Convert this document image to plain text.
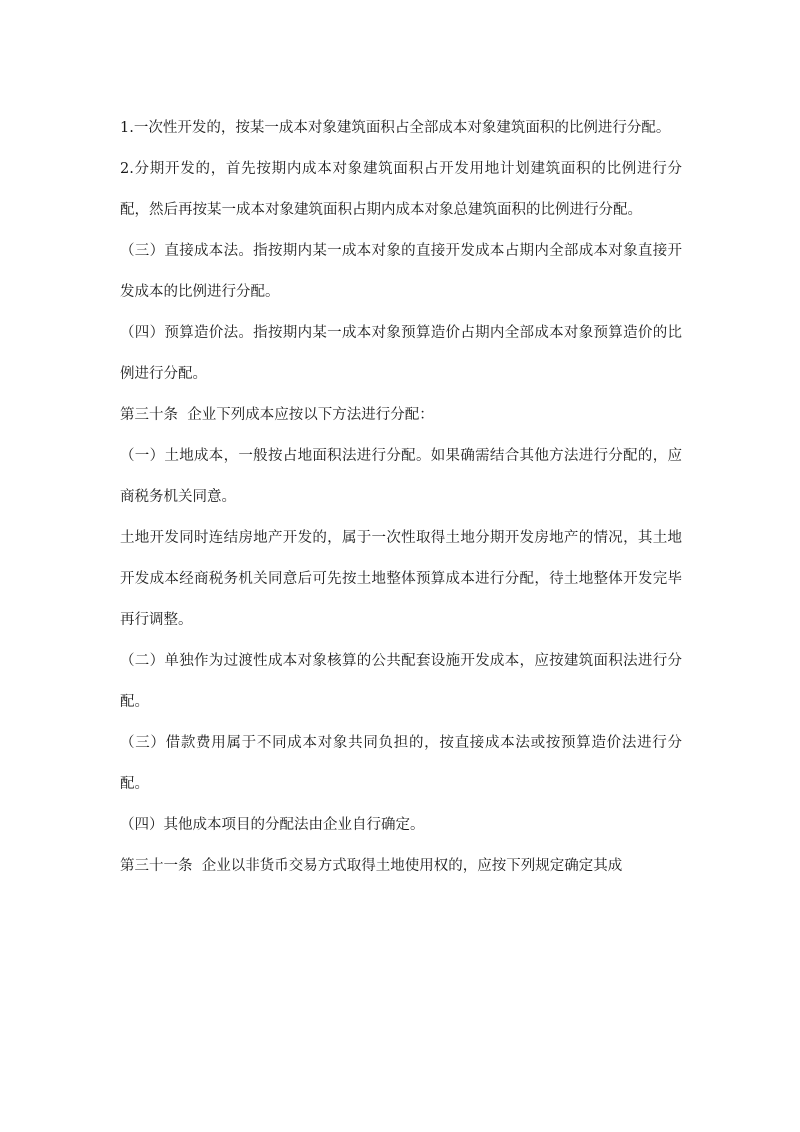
1.一次性开发的，按某一成本对象建筑面积占全部成本对象建筑面积的比例进行分配。

2.分期开发的，首先按期内成本对象建筑面积占开发用地计划建筑面积的比例进行分配，然后再按某一成本对象建筑面积占期内成本对象总建筑面积的比例进行分配。

（三）直接成本法。指按期内某一成本对象的直接开发成本占期内全部成本对象直接开发成本的比例进行分配。

（四）预算造价法。指按期内某一成本对象预算造价占期内全部成本对象预算造价的比例进行分配。

第三十条  企业下列成本应按以下方法进行分配：

（一）土地成本，一般按占地面积法进行分配。如果确需结合其他方法进行分配的，应商税务机关同意。

土地开发同时连结房地产开发的，属于一次性取得土地分期开发房地产的情况，其土地开发成本经商税务机关同意后可先按土地整体预算成本进行分配，待土地整体开发完毕再行调整。

（二）单独作为过渡性成本对象核算的公共配套设施开发成本，应按建筑面积法进行分配。

（三）借款费用属于不同成本对象共同负担的，按直接成本法或按预算造价法进行分配。

（四）其他成本项目的分配法由企业自行确定。

第三十一条  企业以非货币交易方式取得土地使用权的，应按下列规定确定其成
